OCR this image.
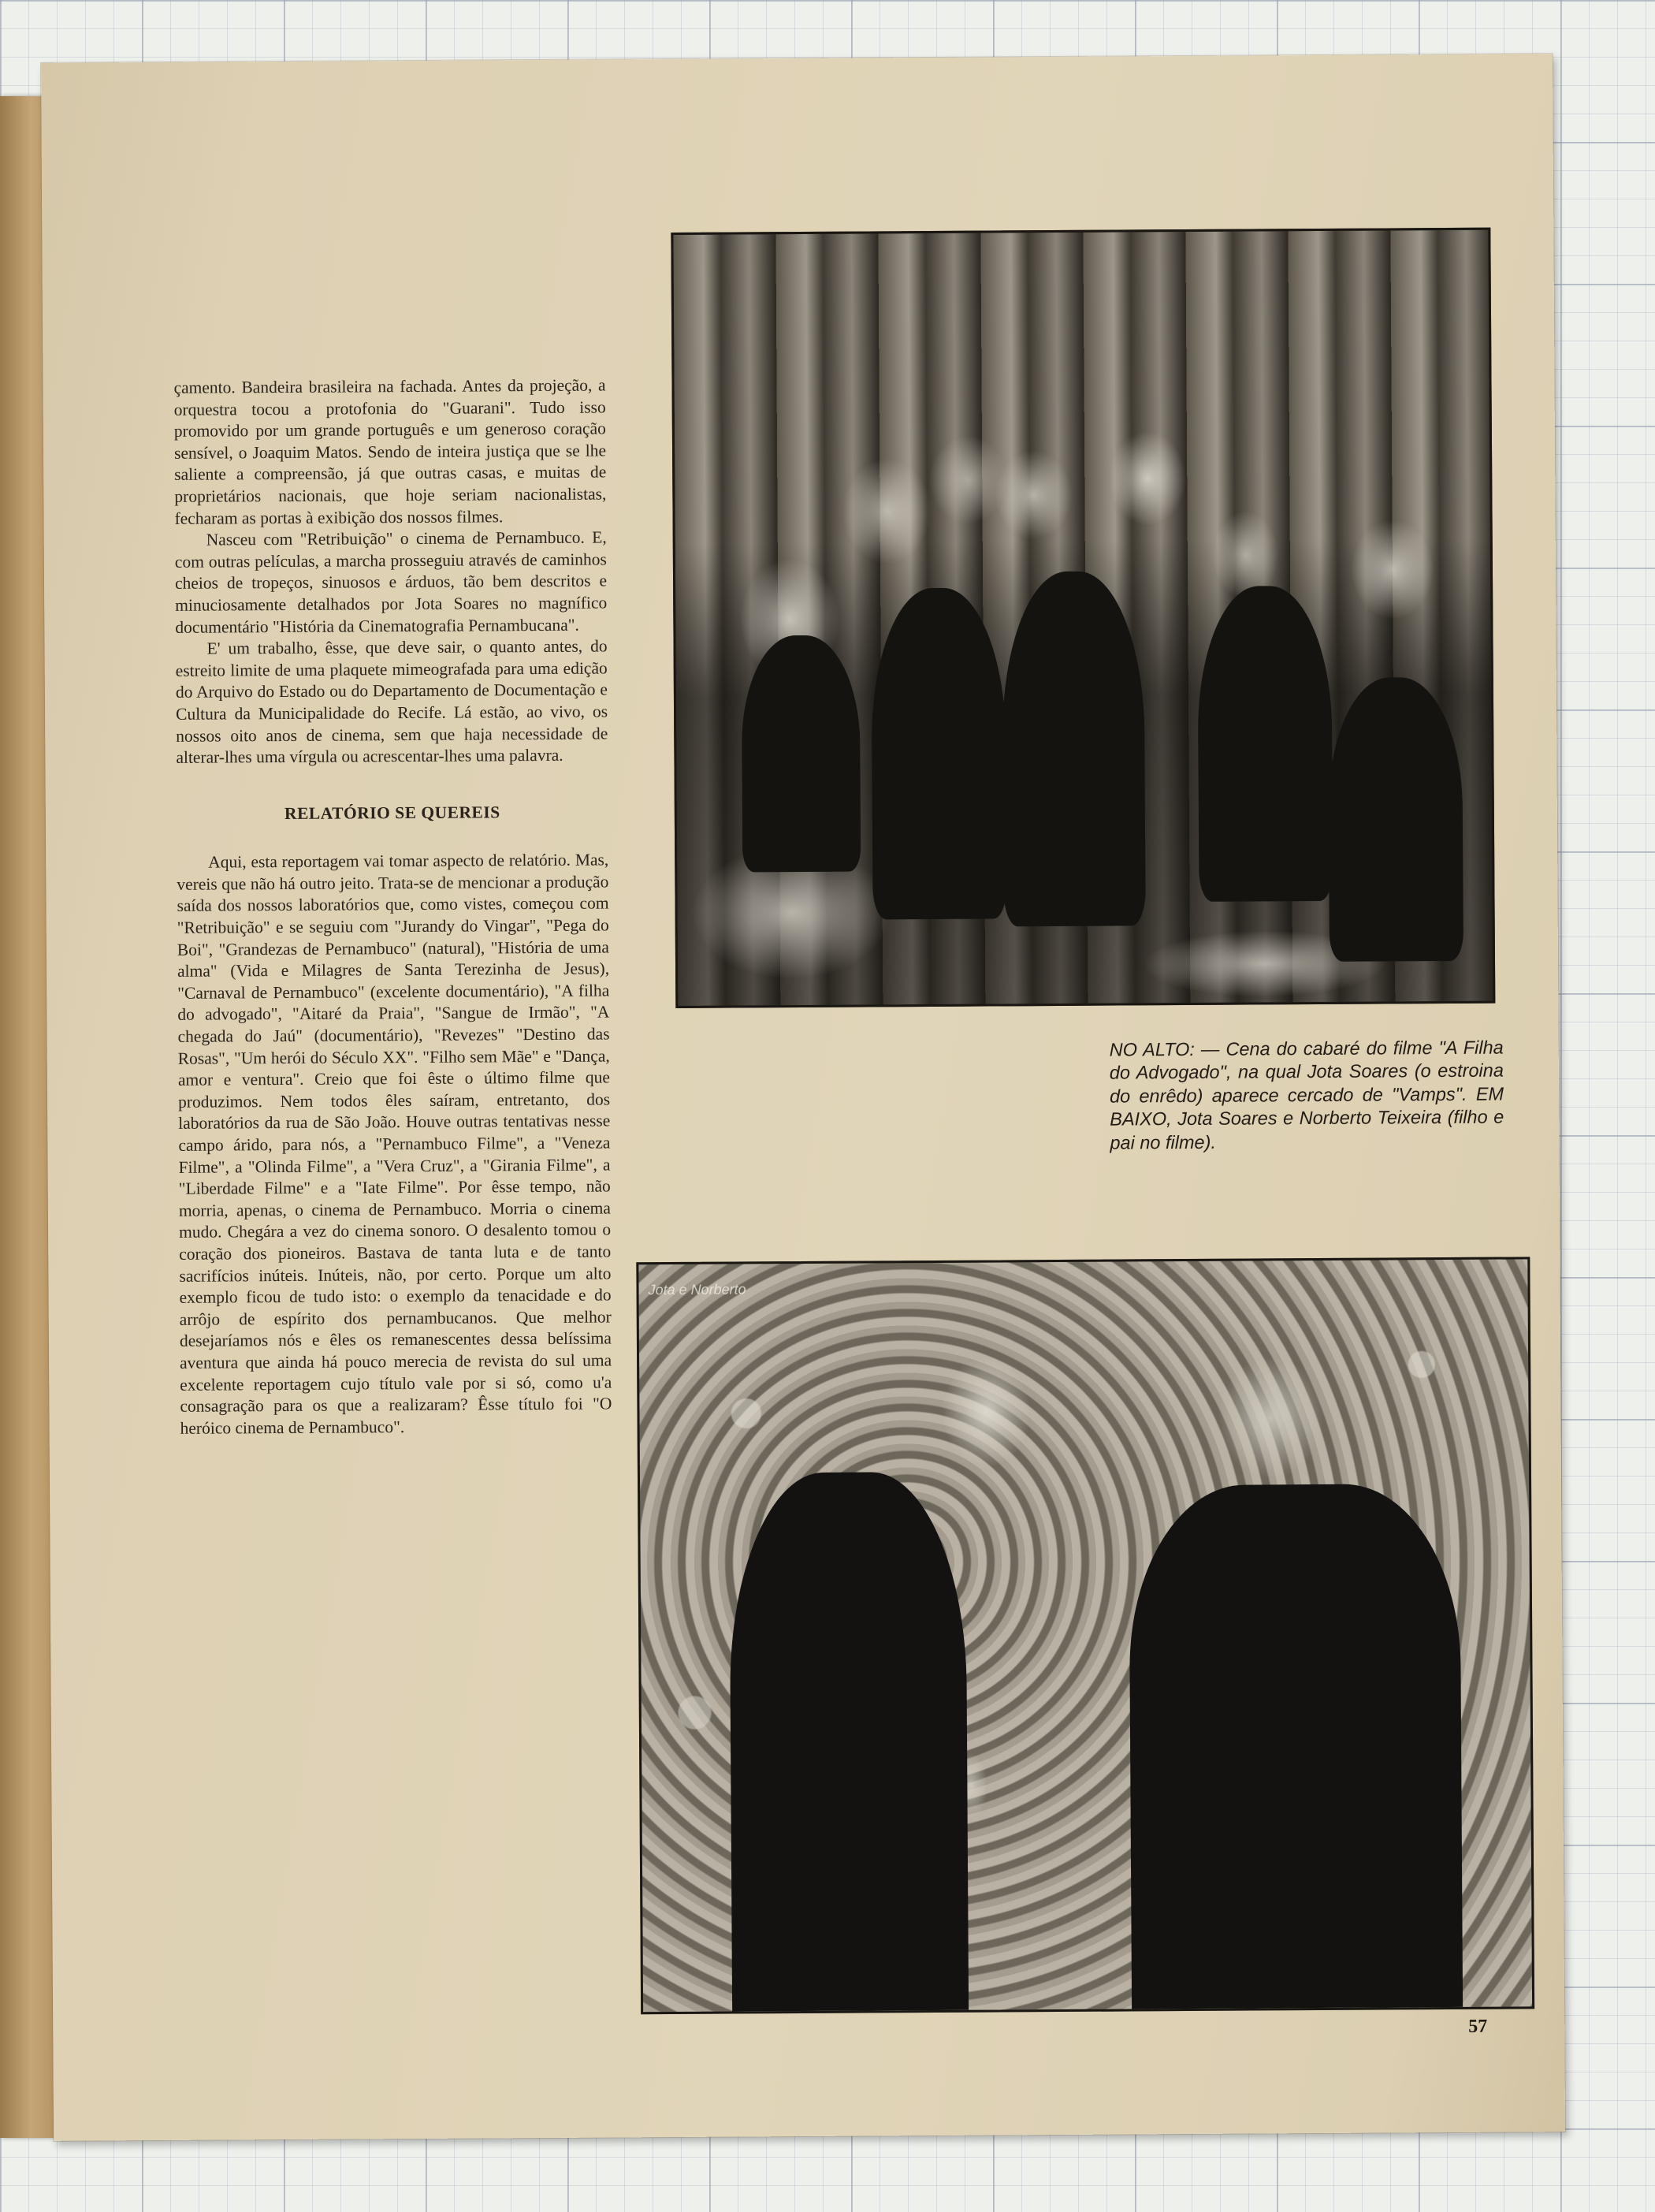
çamento. Bandeira brasileira na fachada. Antes da projeção, a orquestra tocou a protofonia do "Guarani". Tudo isso promovido por um grande português e um generoso coração sensível, o Joaquim Matos. Sendo de inteira justiça que se lhe saliente a compreensão, já que outras casas, e muitas de proprietários nacionais, que hoje seriam nacionalistas, fecharam as portas à exibição dos nossos filmes.

Nasceu com "Retribuição" o cinema de Pernambuco. E, com outras películas, a marcha prosseguiu através de caminhos cheios de tropeços, sinuosos e árduos, tão bem descritos e minuciosamente detalhados por Jota Soares no magnífico documentário "História da Cinematografia Pernambucana".

E' um trabalho, êsse, que deve sair, o quanto antes, do estreito limite de uma plaquete mimeografada para uma edição do Arquivo do Estado ou do Departamento de Documentação e Cultura da Municipalidade do Recife. Lá estão, ao vivo, os nossos oito anos de cinema, sem que haja necessidade de alterar-lhes uma vírgula ou acrescentar-lhes uma palavra.

RELATÓRIO SE QUEREIS

Aqui, esta reportagem vai tomar aspecto de relatório. Mas, vereis que não há outro jeito. Trata-se de mencionar a produção saída dos nossos laboratórios que, como vistes, começou com "Retribuição" e se seguiu com "Jurandy do Vingar", "Pega do Boi", "Grandezas de Pernambuco" (natural), "História de uma alma" (Vida e Milagres de Santa Terezinha de Jesus), "Carnaval de Pernambuco" (excelente documentário), "A filha do advogado", "Aitaré da Praia", "Sangue de Irmão", "A chegada do Jaú" (documentário), "Revezes" "Destino das Rosas", "Um herói do Século XX". "Filho sem Mãe" e "Dança, amor e ventura". Creio que foi êste o último filme que produzimos. Nem todos êles saíram, entretanto, dos laboratórios da rua de São João. Houve outras tentativas nesse campo árido, para nós, a "Pernambuco Filme", a "Veneza Filme", a "Olinda Filme", a "Vera Cruz", a "Girania Filme", a "Liberdade Filme" e a "Iate Filme". Por êsse tempo, não morria, apenas, o cinema de Pernambuco. Morria o cinema mudo. Chegára a vez do cinema sonoro. O desalento tomou o coração dos pioneiros. Bastava de tanta luta e de tanto sacrifícios inúteis. Inúteis, não, por certo. Porque um alto exemplo ficou de tudo isto: o exemplo da tenacidade e do arrôjo de espírito dos pernambucanos. Que melhor desejaríamos nós e êles os remanescentes dessa belíssima aventura que ainda há pouco merecia de revista do sul uma excelente reportagem cujo título vale por si só, como u'a consagração para os que a realizaram? Êsse título foi "O heróico cinema de Pernambuco".

Jota e Norberto
NO ALTO: — Cena do cabaré do filme "A Filha do Advogado", na qual Jota Soares (o estroina do enrêdo) aparece cercado de "Vamps". EM BAIXO, Jota Soares e Norberto Teixeira (filho e pai no filme).
57
